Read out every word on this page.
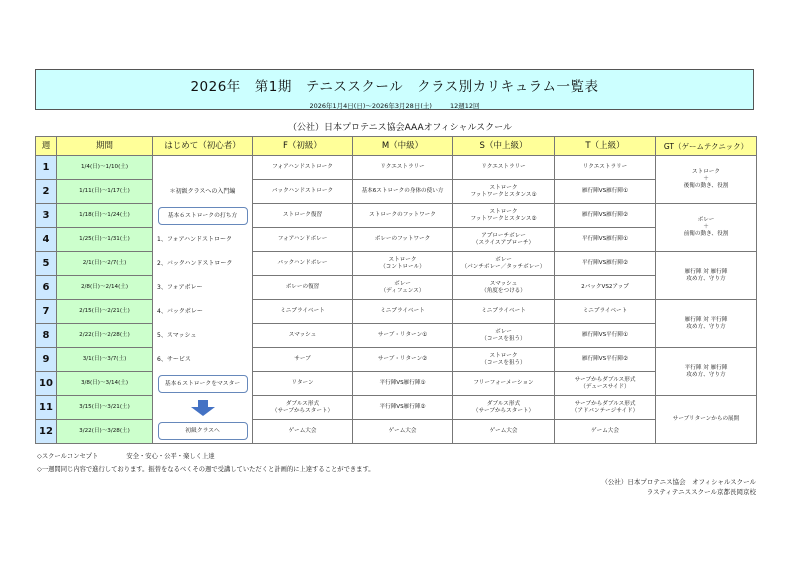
2026年　第1期　テニススクール　クラス別カリキュラム一覧表
2026年1月4日(日)～2026年3月28日(土)	12週12回
（公社）日本プロテニス協会AAAオフィシャルスクール
週	期間	はじめて（初心者）	F（初級）	M（中級）	S（中上級）	T（上級）	GT（ゲームテクニック）
1	1/4(日)～1/10(土)		フォアハンドストローク	リクエストラリー	リクエストラリー	リクエストラリー	ストローク
＋
後衛の動き、役割
2	1/11(日)～1/17(土)	＊初級クラスへの入門編	バックハンドストローク	基本6ストロークの身体の使い方	ストローク
フットワークとスタンス①	雁行陣VS雁行陣①	
3	1/18(日)～1/24(土)	基本６ストロークの打ち方	ストローク復習	ストロークのフットワーク	ストローク
フットワークとスタンス②	雁行陣VS雁行陣②	ボレー
＋
前衛の動き、役割
4	1/25(日)～1/31(土)	1、フォアハンドストローク	フォアハンドボレー	ボレーのフットワーク	アプローチボレー
（スライスアプローチ）	平行陣VS雁行陣①	
5	2/1(日)～2/7(土)	2、バックハンドストローク	バックハンドボレー	ストローク
（コントロール）	ボレー
（パンチボレー／タッチボレー）	平行陣VS雁行陣②	雁行陣 対 雁行陣
攻め方、守り方
6	2/8(日)～2/14(土)	3、フォアボレー	ボレーの復習	ボレー
（ディフェンス）	スマッシュ
（角度をつける）	2バックVS2アップ	
7	2/15(日)～2/21(土)	4、バックボレー	ミニプライベート	ミニプライベート	ミニプライベート	ミニプライベート	雁行陣 対 平行陣
攻め方、守り方
8	2/22(日)～2/28(土)	5、スマッシュ	スマッシュ	サーブ・リターン①	ボレー
（コースを狙う）	雁行陣VS平行陣①	
9	3/1(日)～3/7(土)	6、サービス	サーブ	サーブ・リターン②	ストローク
（コースを狙う）	雁行陣VS平行陣②	平行陣 対 雁行陣
攻め方、守り方
10	3/8(日)～3/14(土)	基本６ストロークをマスター	リターン	平行陣VS雁行陣①	フリーフォーメーション	サーブからダブルス形式
（デュースサイド）	
11	3/15(日)～3/21(土)		ダブルス形式
（サーブからスタート）	平行陣VS雁行陣②	ダブルス形式
（サーブからスタート）	サーブからダブルス形式
（アドバンテージサイド）	サーブリターンからの展開
12	3/22(日)～3/28(土)	初級クラスへ	ゲーム大会	ゲーム大会	ゲーム大会	ゲーム大会	
◇スクールコンセプト	安全・安心・公平・楽しく上達
◇一週間同じ内容で進行しております。振替をなるべくその週で受講していただくと計画的に上達することができます。
（公社）日本プロテニス協会　オフィシャルスクール
ラスティテニススクール京都長岡京校
